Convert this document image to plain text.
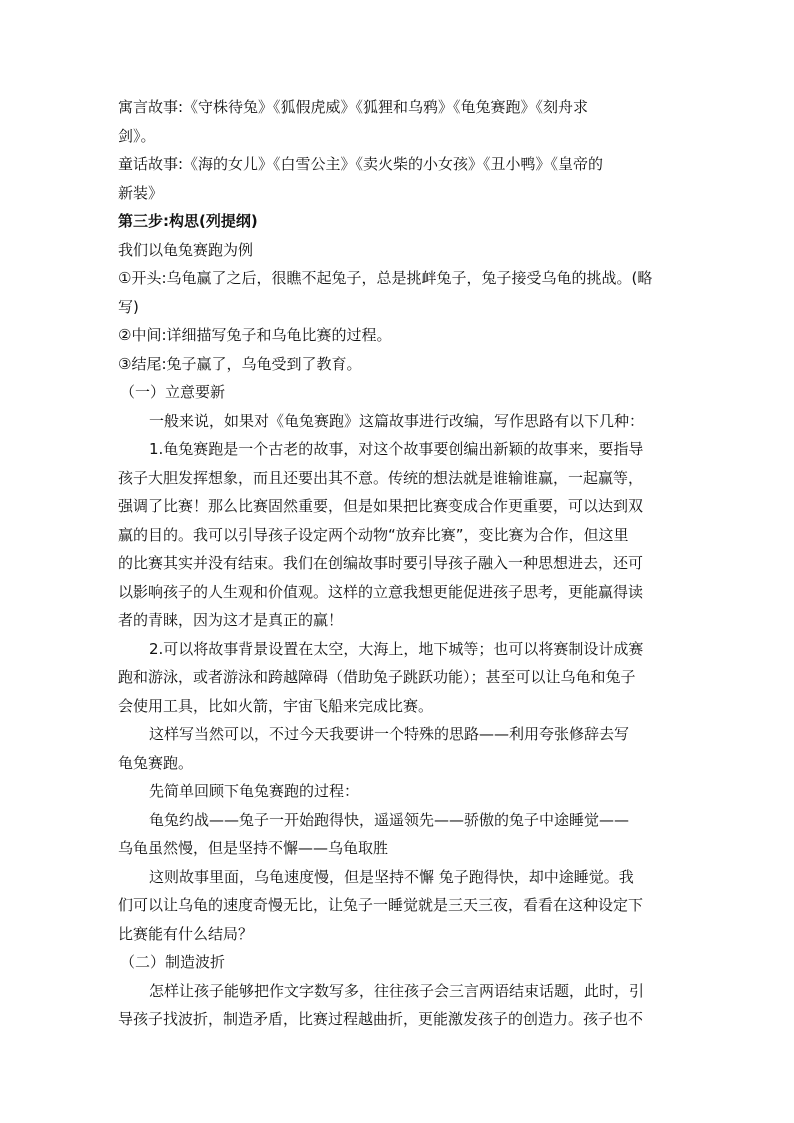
寓言故事:《守株待兔》《狐假虎威》《狐狸和乌鸦》《龟兔赛跑》《刻舟求

剑》。

童话故事:《海的女儿》《白雪公主》《卖火柴的小女孩》《丑小鸭》《皇帝的

新装》

第三步:构思(列提纲)

我们以龟兔赛跑为例

①开头:乌龟赢了之后，很瞧不起兔子，总是挑衅兔子，兔子接受乌龟的挑战。(略

写)

②中间:详细描写兔子和乌龟比赛的过程。

③结尾:兔子赢了，乌龟受到了教育。

（一）立意要新

一般来说，如果对《龟兔赛跑》这篇故事进行改编，写作思路有以下几种：

1.龟兔赛跑是一个古老的故事，对这个故事要创编出新颖的故事来，要指导

孩子大胆发挥想象，而且还要出其不意。传统的想法就是谁输谁赢，一起赢等，

强调了比赛！那么比赛固然重要，但是如果把比赛变成合作更重要，可以达到双

赢的目的。我可以引导孩子设定两个动物“放弃比赛”，变比赛为合作，但这里

的比赛其实并没有结束。我们在创编故事时要引导孩子融入一种思想进去，还可

以影响孩子的人生观和价值观。这样的立意我想更能促进孩子思考，更能赢得读

者的青睐，因为这才是真正的赢！

2.可以将故事背景设置在太空，大海上，地下城等；也可以将赛制设计成赛

跑和游泳，或者游泳和跨越障碍（借助兔子跳跃功能）；甚至可以让乌龟和兔子

会使用工具，比如火箭，宇宙飞船来完成比赛。

这样写当然可以，不过今天我要讲一个特殊的思路——利用夸张修辞去写

龟兔赛跑。

先简单回顾下龟兔赛跑的过程：

龟兔约战——兔子一开始跑得快，遥遥领先——骄傲的兔子中途睡觉——

乌龟虽然慢，但是坚持不懈——乌龟取胜

这则故事里面，乌龟速度慢，但是坚持不懈 兔子跑得快，却中途睡觉。我

们可以让乌龟的速度奇慢无比，让兔子一睡觉就是三天三夜，看看在这种设定下

比赛能有什么结局？

（二）制造波折

怎样让孩子能够把作文字数写多，往往孩子会三言两语结束话题，此时，引

导孩子找波折，制造矛盾，比赛过程越曲折，更能激发孩子的创造力。孩子也不
